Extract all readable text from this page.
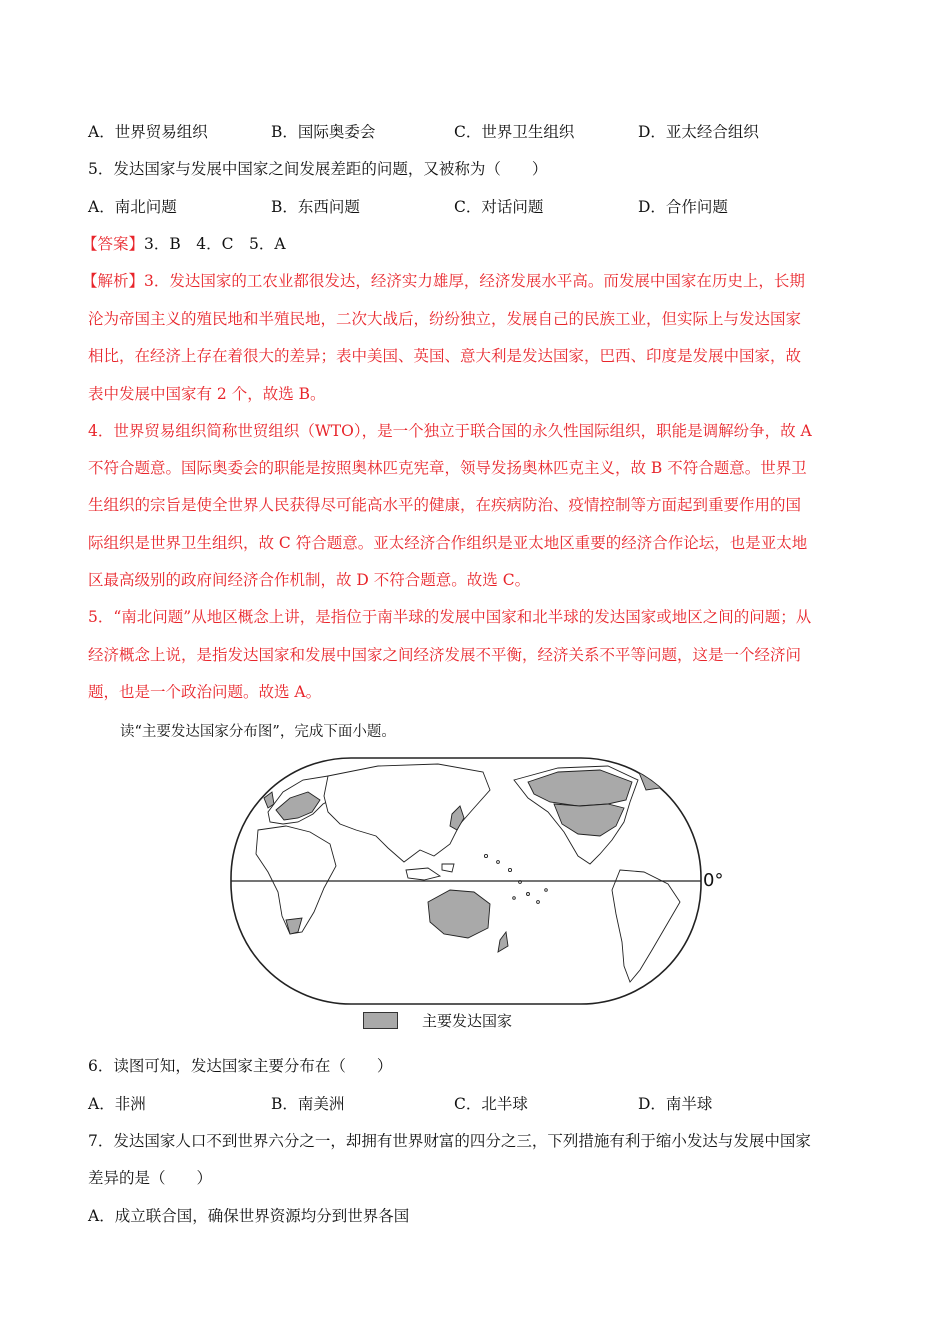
A．世界贸易组织	B．国际奥委会	C．世界卫生组织	D．亚太经合组织
5．发达国家与发展中国家之间发展差距的问题，又被称为（　　）
A．南北问题	B．东西问题	C．对话问题	D．合作问题
【答案】3．B　4．C　5．A
【解析】3．发达国家的工农业都很发达，经济实力雄厚，经济发展水平高。而发展中国家在历史上，长期
沦为帝国主义的殖民地和半殖民地，二次大战后，纷纷独立，发展自己的民族工业，但实际上与发达国家
相比，在经济上存在着很大的差异；表中美国、英国、意大利是发达国家，巴西、印度是发展中国家，故
表中发展中国家有 2 个，故选 B。
4．世界贸易组织简称世贸组织（WTO），是一个独立于联合国的永久性国际组织，职能是调解纷争，故 A
不符合题意。国际奥委会的职能是按照奥林匹克宪章，领导发扬奥林匹克主义，故 B 不符合题意。世界卫
生组织的宗旨是使全世界人民获得尽可能高水平的健康，在疾病防治、疫情控制等方面起到重要作用的国
际组织是世界卫生组织，故 C 符合题意。亚太经济合作组织是亚太地区重要的经济合作论坛，也是亚太地
区最高级别的政府间经济合作机制，故 D 不符合题意。故选 C。
5．“南北问题”从地区概念上讲，是指位于南半球的发展中国家和北半球的发达国家或地区之间的问题；从
经济概念上说，是指发达国家和发展中国家之间经济发展不平衡，经济关系不平等问题，这是一个经济问
题，也是一个政治问题。故选 A。
读“主要发达国家分布图”，完成下面小题。
0°
主要发达国家
6．读图可知，发达国家主要分布在（　　）
A．非洲	B．南美洲	C．北半球	D．南半球
7．发达国家人口不到世界六分之一，却拥有世界财富的四分之三，下列措施有利于缩小发达与发展中国家
差异的是（　　）
A．成立联合国，确保世界资源均分到世界各国
